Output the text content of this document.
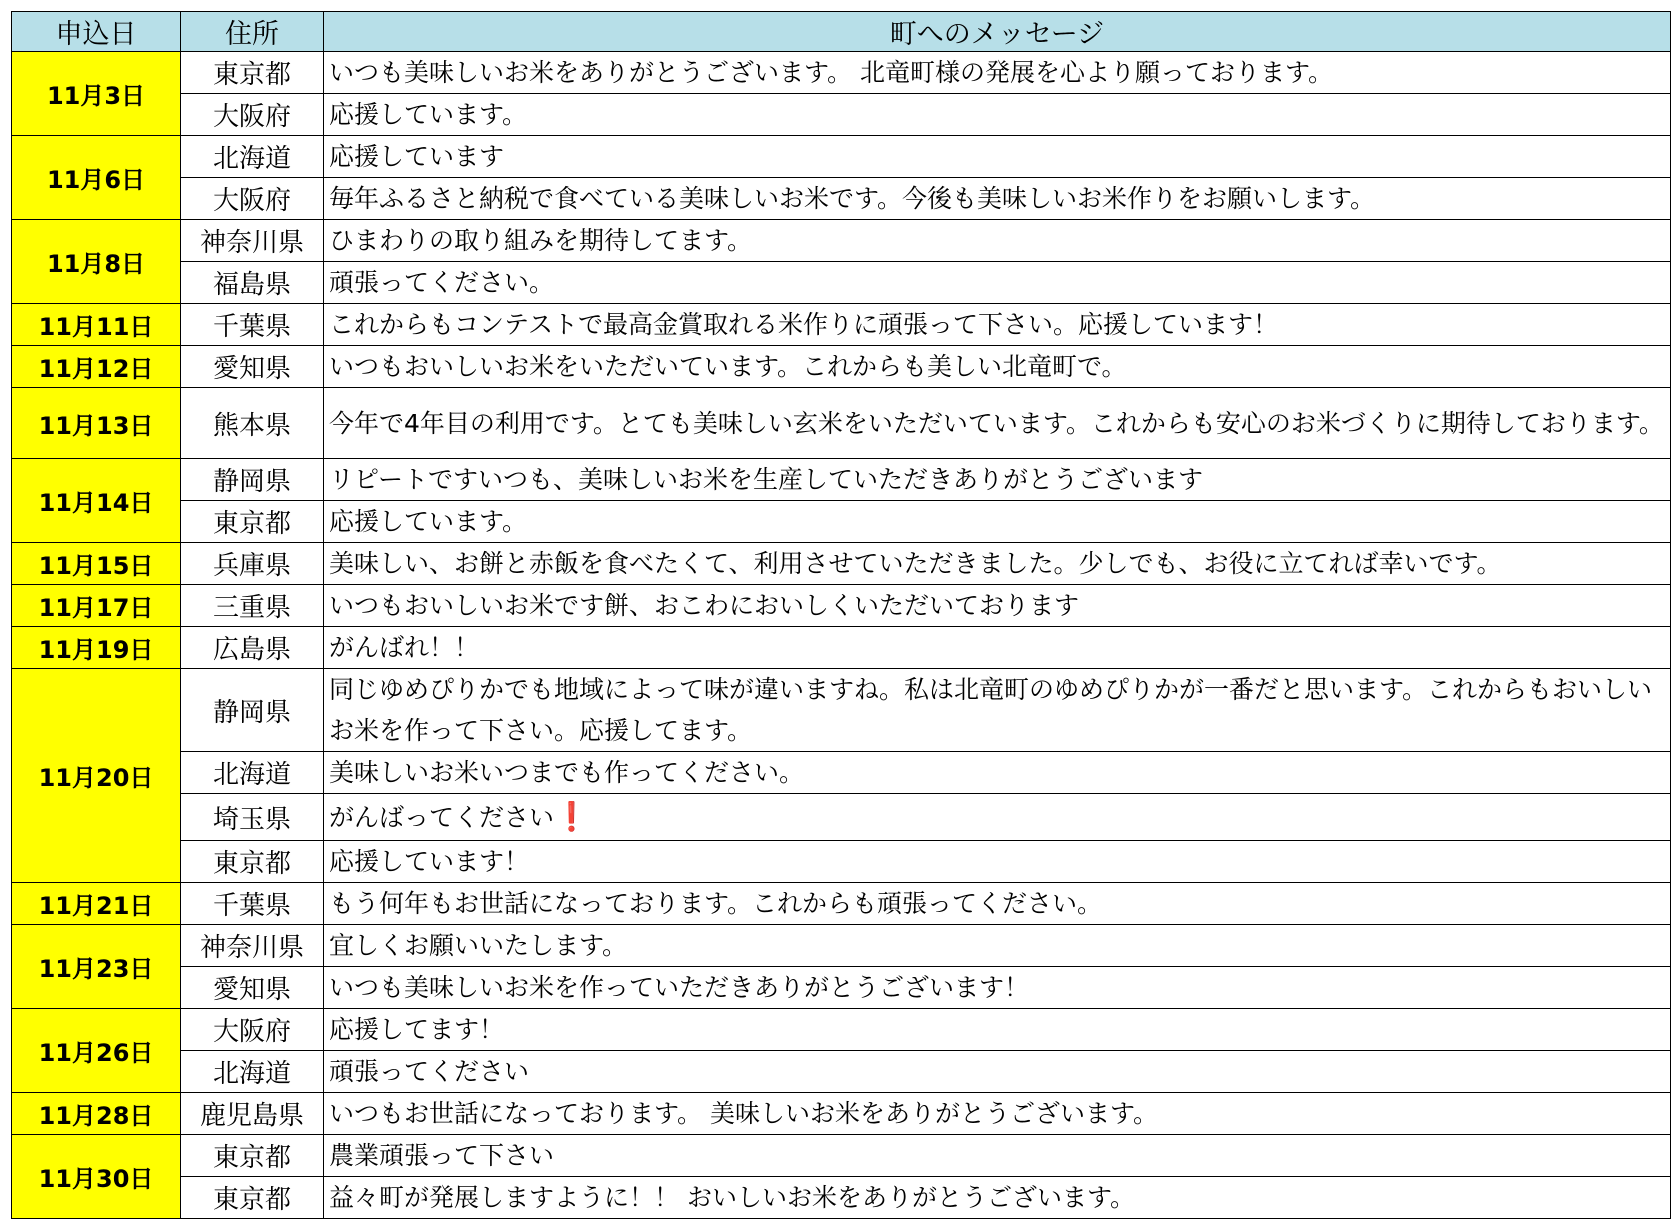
申込日	住所	町へのメッセージ
11月3日	東京都	いつも美味しいお米をありがとうございます。 北竜町様の発展を心より願っております。
	大阪府	応援しています。
11月6日	北海道	応援しています
	大阪府	毎年ふるさと納税で食べている美味しいお米です。今後も美味しいお米作りをお願いします。
11月8日	神奈川県	ひまわりの取り組みを期待してます。
	福島県	頑張ってください。
11月11日	千葉県	これからもコンテストで最高金賞取れる米作りに頑張って下さい。応援しています！
11月12日	愛知県	いつもおいしいお米をいただいています。これからも美しい北竜町で。
11月13日	熊本県	今年で4年目の利用です。とても美味しい玄米をいただいています。これからも安心のお米づくりに期待しております。
11月14日	静岡県	リピートですいつも、美味しいお米を生産していただきありがとうございます
	東京都	応援しています。
11月15日	兵庫県	美味しい、お餅と赤飯を食べたくて、利用させていただきました。少しでも、お役に立てれば幸いです。
11月17日	三重県	いつもおいしいお米です餅、おこわにおいしくいただいております
11月19日	広島県	がんばれ！！
11月20日	静岡県	同じゆめぴりかでも地域によって味が違いますね。私は北竜町のゆめぴりかが一番だと思います。これからもおいしいお米を作って下さい。応援してます。
	北海道	美味しいお米いつまでも作ってください。
	埼玉県	がんばってください❗
	東京都	応援しています！
11月21日	千葉県	もう何年もお世話になっております。これからも頑張ってください。
11月23日	神奈川県	宜しくお願いいたします。
	愛知県	いつも美味しいお米を作っていただきありがとうございます！
11月26日	大阪府	応援してます！
	北海道	頑張ってください
11月28日	鹿児島県	いつもお世話になっております。 美味しいお米をありがとうございます。
11月30日	東京都	農業頑張って下さい
	東京都	益々町が発展しますように！！ おいしいお米をありがとうございます。
